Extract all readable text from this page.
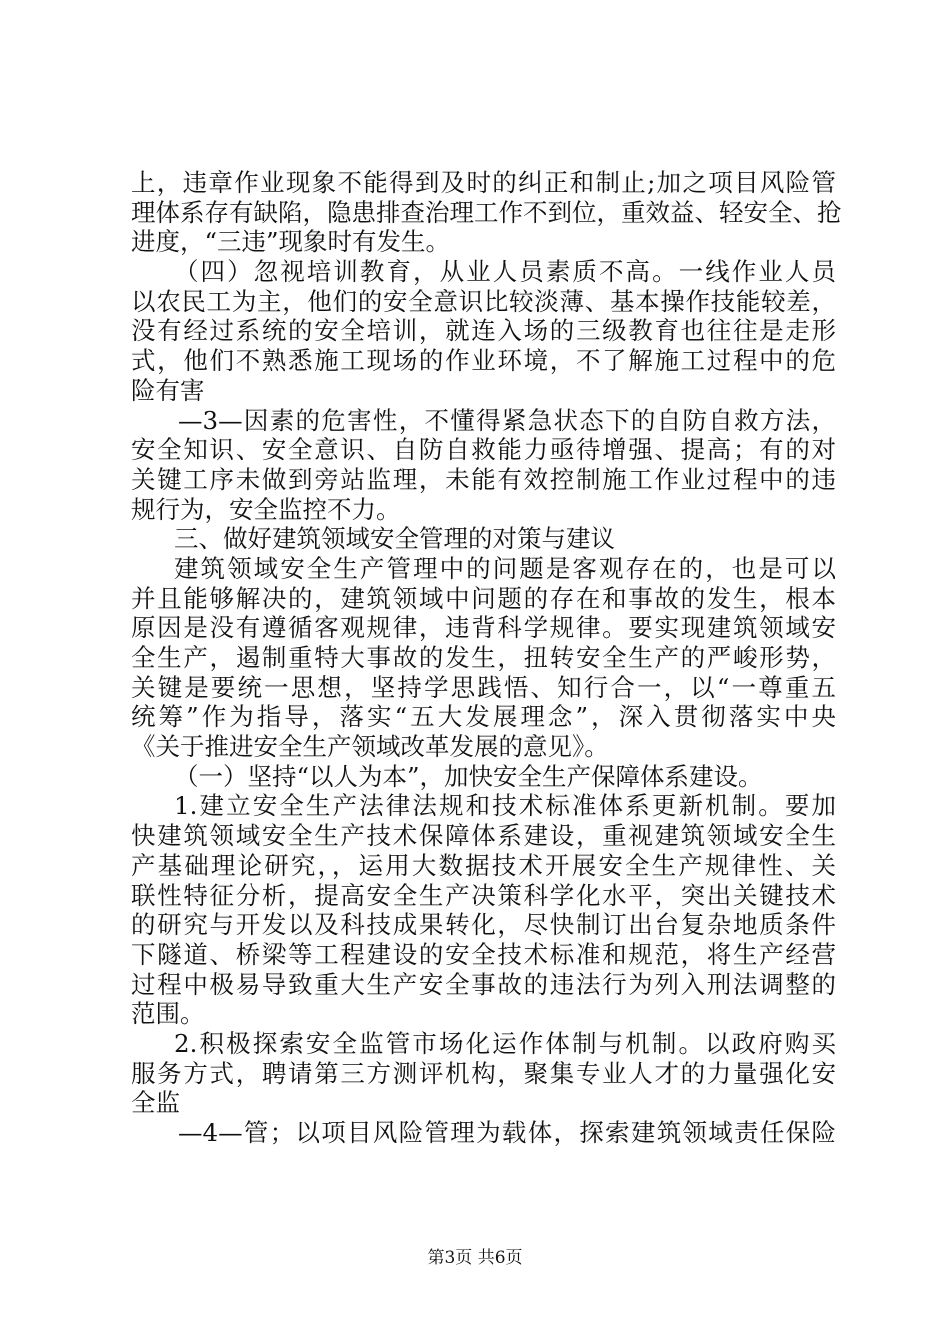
上，违章作业现象不能得到及时的纠正和制止;加之项目风险管
理体系存有缺陷，隐患排查治理工作不到位，重效益、轻安全、抢
进度，“三违”现象时有发生。
（四）忽视培训教育，从业人员素质不高。一线作业人员
以农民工为主，他们的安全意识比较淡薄、基本操作技能较差，
没有经过系统的安全培训，就连入场的三级教育也往往是走形
式，他们不熟悉施工现场的作业环境，不了解施工过程中的危
险有害
—3—因素的危害性，不懂得紧急状态下的自防自救方法，
安全知识、安全意识、自防自救能力亟待增强、提高；有的对
关键工序未做到旁站监理，未能有效控制施工作业过程中的违
规行为，安全监控不力。
三、做好建筑领域安全管理的对策与建议
建筑领域安全生产管理中的问题是客观存在的，也是可以
并且能够解决的，建筑领域中问题的存在和事故的发生，根本
原因是没有遵循客观规律，违背科学规律。要实现建筑领域安
全生产，遏制重特大事故的发生，扭转安全生产的严峻形势，
关键是要统一思想，坚持学思践悟、知行合一，以“一尊重五
统筹”作为指导，落实“五大发展理念”，深入贯彻落实中央
《关于推进安全生产领域改革发展的意见》。
（一）坚持“以人为本”，加快安全生产保障体系建设。
1.建立安全生产法律法规和技术标准体系更新机制。要加
快建筑领域安全生产技术保障体系建设，重视建筑领域安全生
产基础理论研究，，运用大数据技术开展安全生产规律性、关
联性特征分析，提高安全生产决策科学化水平，突出关键技术
的研究与开发以及科技成果转化，尽快制订出台复杂地质条件
下隧道、桥梁等工程建设的安全技术标准和规范，将生产经营
过程中极易导致重大生产安全事故的违法行为列入刑法调整的
范围。
2.积极探索安全监管市场化运作体制与机制。以政府购买
服务方式，聘请第三方测评机构，聚集专业人才的力量强化安
全监
—4—管；以项目风险管理为载体，探索建筑领域责任保险
第3页 共6页
